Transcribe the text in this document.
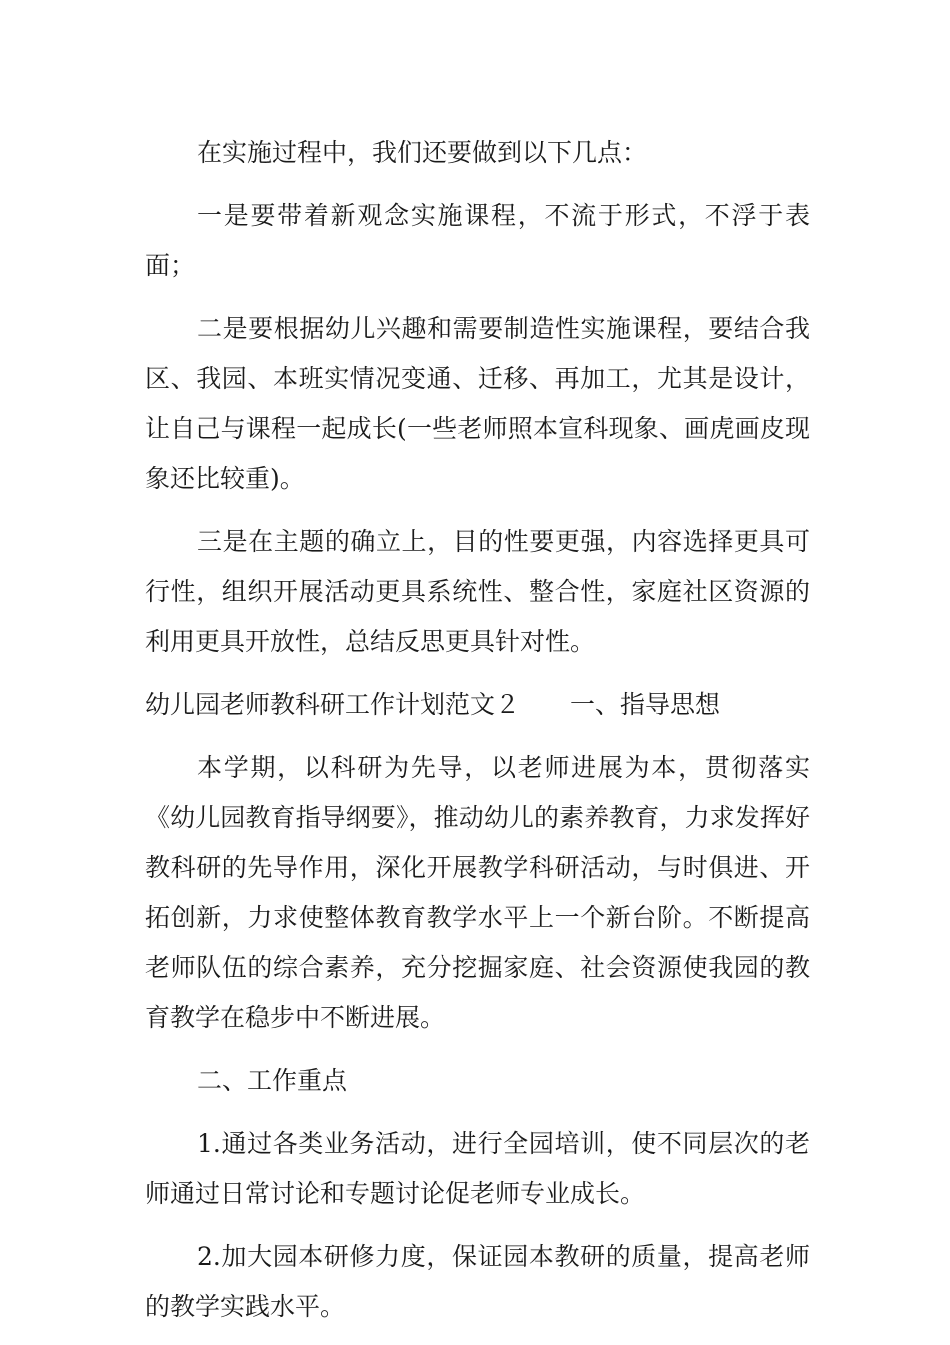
在实施过程中，我们还要做到以下几点：

一是要带着新观念实施课程，不流于形式，不浮于表面；

二是要根据幼儿兴趣和需要制造性实施课程，要结合我区、我园、本班实情况变通、迁移、再加工，尤其是设计，让自己与课程一起成长(一些老师照本宣科现象、画虎画皮现象还比较重)。

三是在主题的确立上，目的性要更强，内容选择更具可行性，组织开展活动更具系统性、整合性，家庭社区资源的利用更具开放性，总结反思更具针对性。

幼儿园老师教科研工作计划范文２ 一、指导思想

本学期，以科研为先导，以老师进展为本，贯彻落实《幼儿园教育指导纲要》，推动幼儿的素养教育，力求发挥好教科研的先导作用，深化开展教学科研活动，与时俱进、开拓创新，力求使整体教育教学水平上一个新台阶。不断提高老师队伍的综合素养，充分挖掘家庭、社会资源使我园的教育教学在稳步中不断进展。

二、工作重点

1.通过各类业务活动，进行全园培训，使不同层次的老师通过日常讨论和专题讨论促老师专业成长。

2.加大园本研修力度，保证园本教研的质量，提高老师的教学实践水平。
